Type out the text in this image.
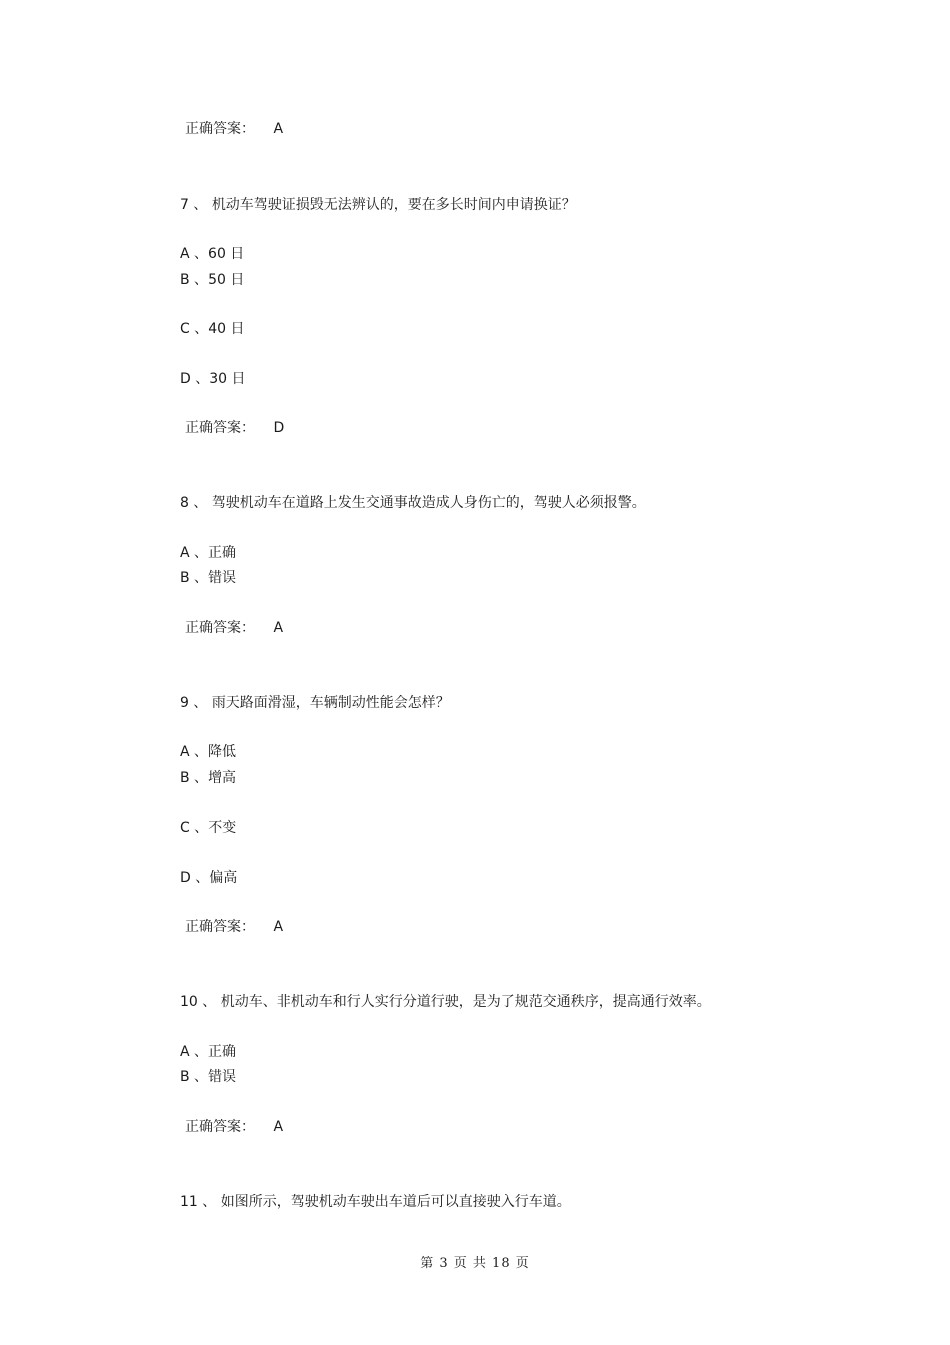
正确答案： A
7 、 机动车驾驶证损毁无法辨认的，要在多长时间内申请换证？
A 、60 日
B 、50 日
C 、40 日
D 、30 日
正确答案： D
8 、 驾驶机动车在道路上发生交通事故造成人身伤亡的，驾驶人必须报警。
A 、正确
B 、错误
正确答案： A
9 、 雨天路面滑湿，车辆制动性能会怎样？
A 、降低
B 、增高
C 、不变
D 、偏高
正确答案： A
10 、 机动车、非机动车和行人实行分道行驶，是为了规范交通秩序，提高通行效率。
A 、正确
B 、错误
正确答案： A
11 、 如图所示，驾驶机动车驶出车道后可以直接驶入行车道。
第 3 页 共 18 页
